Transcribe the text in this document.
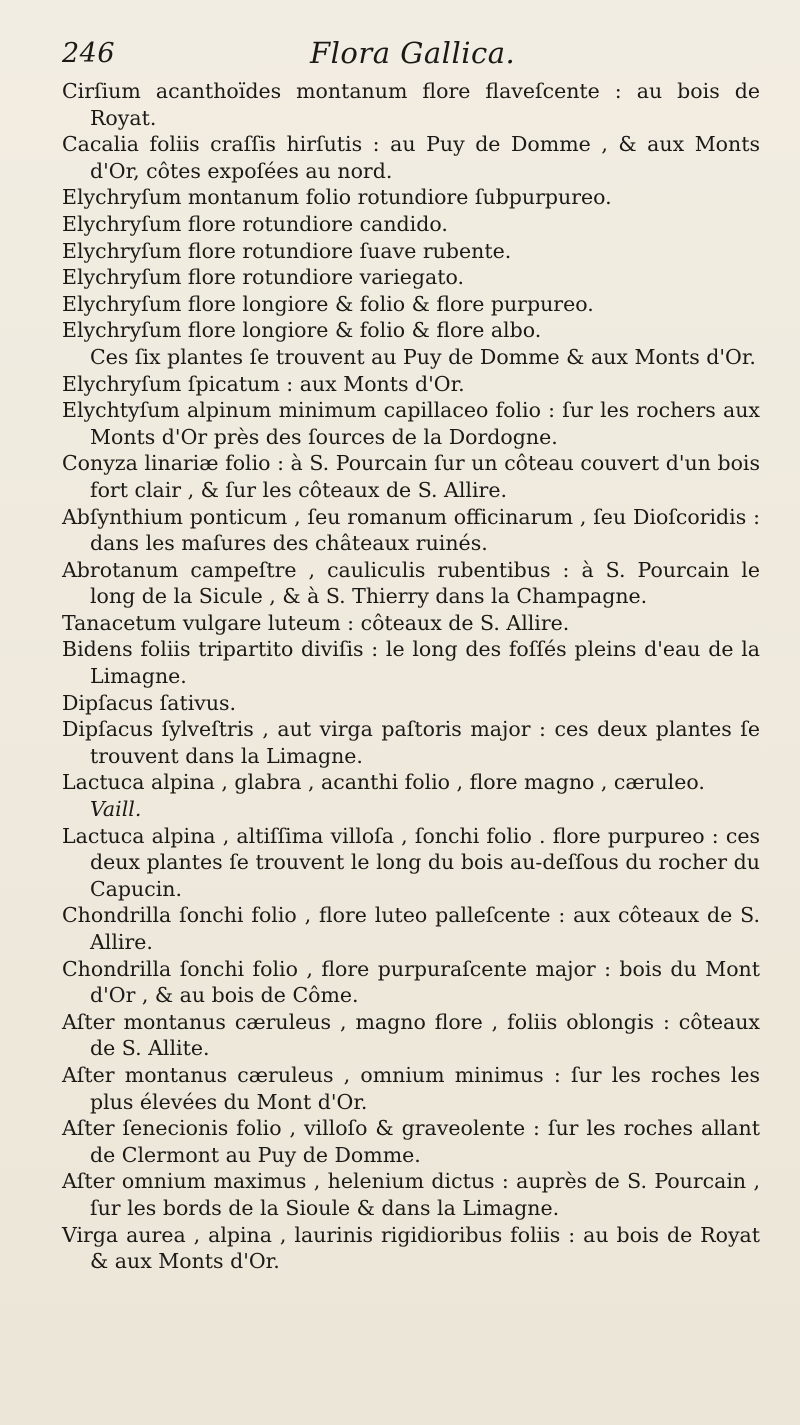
246	Flora Gallica.
Cirſium acanthoïdes montanum flore flaveſcente : au bois de Royat.
Cacalia foliis craſſis hirſutis : au Puy de Domme , & aux Monts d'Or, côtes expoſées au nord.
Elychryſum montanum folio rotundiore ſubpurpureo.
Elychryſum flore rotundiore candido.
Elychryſum flore rotundiore ſuave rubente.
Elychryſum flore rotundiore variegato.
Elychryſum flore longiore & folio & flore purpureo.
Elychryſum flore longiore & folio & flore albo.
Ces ſix plantes ſe trouvent au Puy de Domme & aux Monts d'Or.
Elychryſum ſpicatum : aux Monts d'Or.
Elychtyſum alpinum minimum capillaceo folio : ſur les rochers aux Monts d'Or près des ſources de la Dordogne.
Conyza linariæ folio : à S. Pourcain ſur un côteau couvert d'un bois fort clair , & ſur les côteaux de S. Allire.
Abſynthium ponticum , ſeu romanum officinarum , ſeu Dioſcoridis : dans les maſures des châteaux ruinés.
Abrotanum campeſtre , cauliculis rubentibus : à S. Pourcain le long de la Sicule , & à S. Thierry dans la Champagne.
Tanacetum vulgare luteum : côteaux de S. Allire.
Bidens foliis tripartito diviſis : le long des foſſés pleins d'eau de la Limagne.
Dipſacus ſativus.
Dipſacus ſylveſtris , aut virga paſtoris major : ces deux plantes ſe trouvent dans la Limagne.
Lactuca alpina , glabra , acanthi folio , flore magno , cæruleo.
Vaill.
Lactuca alpina , altiſſima villoſa , ſonchi folio . flore purpureo : ces deux plantes ſe trouvent le long du bois au-deſſous du rocher du Capucin.
Chondrilla ſonchi folio , flore luteo palleſcente : aux côteaux de S. Allire.
Chondrilla ſonchi folio , flore purpuraſcente major : bois du Mont d'Or , & au bois de Côme.
Aſter montanus cæruleus , magno flore , foliis oblongis : côteaux de S. Allite.
Aſter montanus cæruleus , omnium minimus : ſur les roches les plus élevées du Mont d'Or.
Aſter ſenecionis folio , villoſo & graveolente : ſur les roches allant de Clermont au Puy de Domme.
Aſter omnium maximus , helenium dictus : auprès de S. Pourcain , ſur les bords de la Sioule & dans la Limagne.
Virga aurea , alpina , laurinis rigidioribus foliis : au bois de Royat & aux Monts d'Or.
